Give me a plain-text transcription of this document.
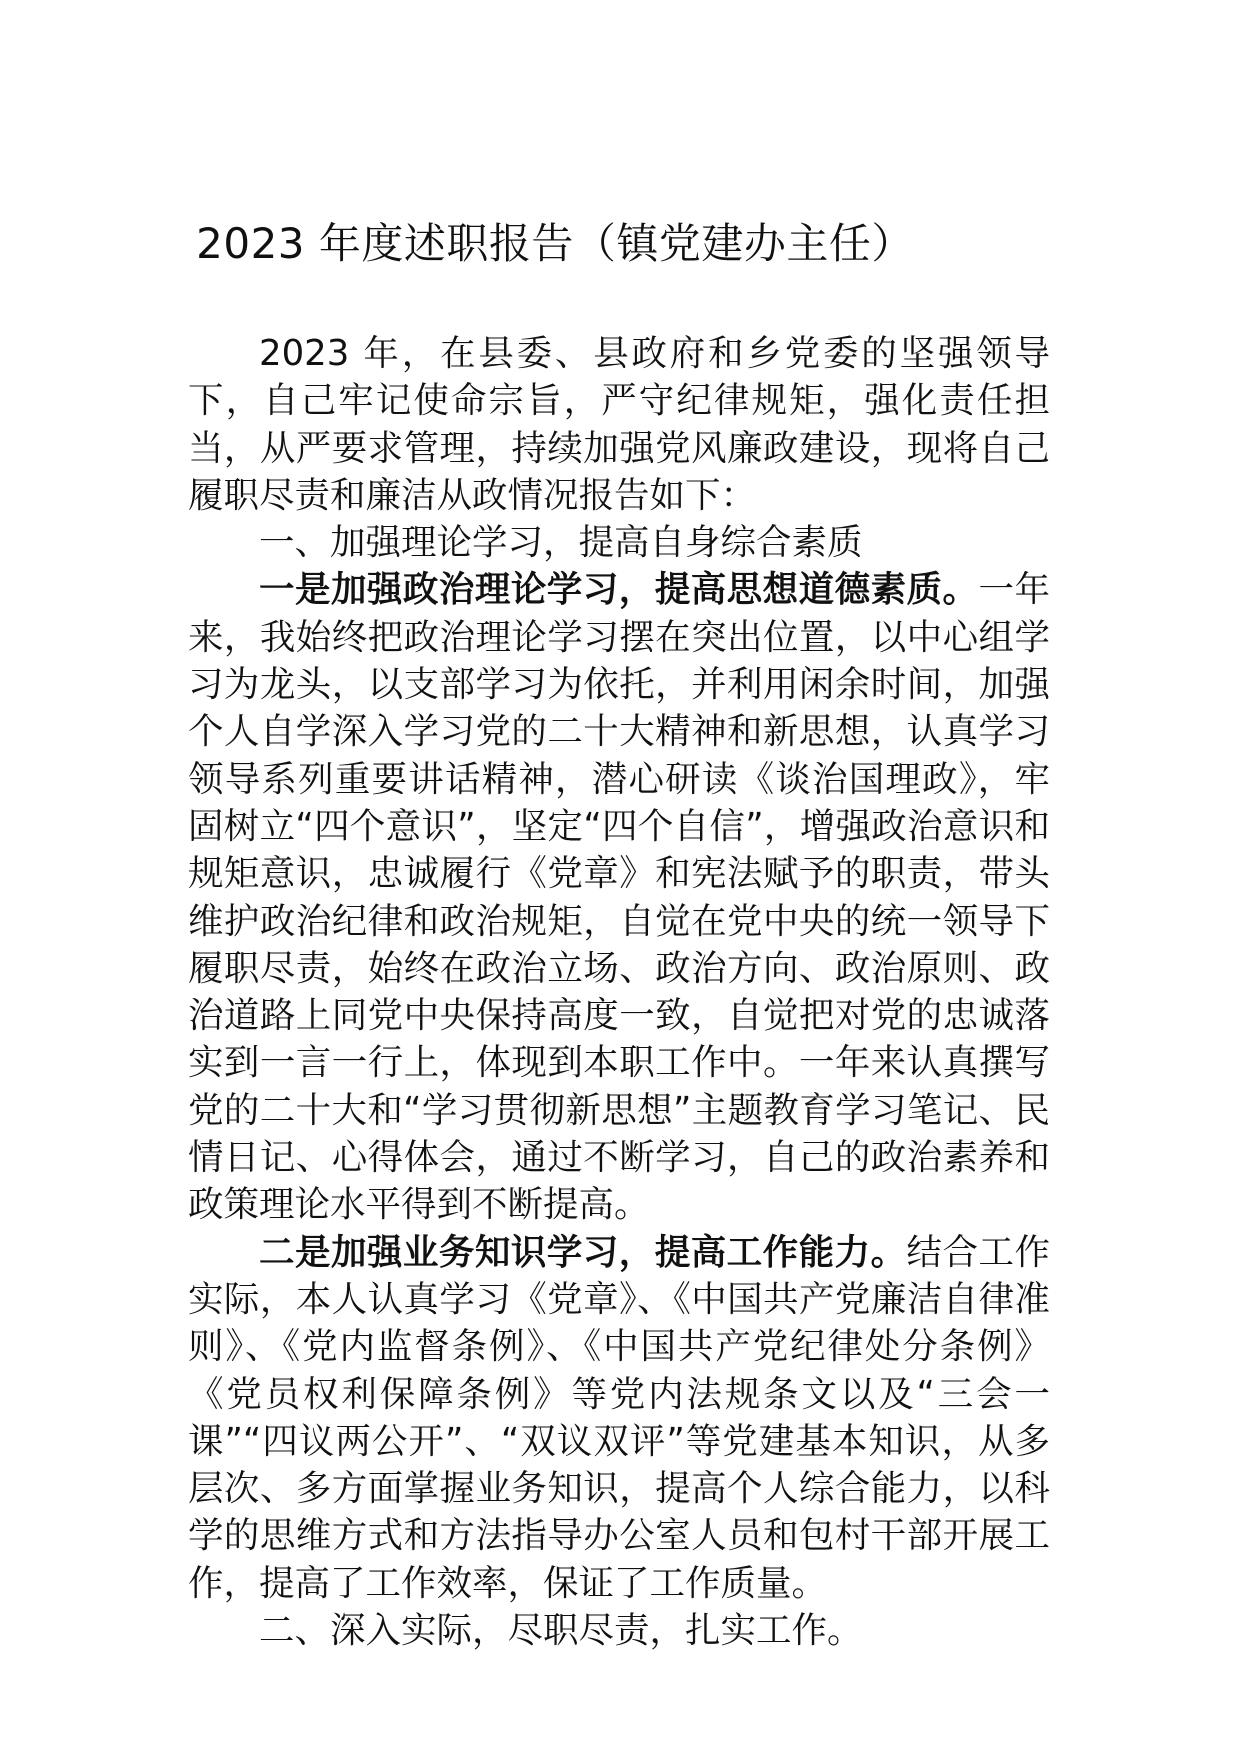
2023 年度述职报告（镇党建办主任）

2023 年，在县委、县政府和乡党委的坚强领导下，自己牢记使命宗旨，严守纪律规矩，强化责任担当，从严要求管理，持续加强党风廉政建设，现将自己履职尽责和廉洁从政情况报告如下：

一、加强理论学习，提高自身综合素质

一是加强政治理论学习，提高思想道德素质。一年来，我始终把政治理论学习摆在突出位置，以中心组学习为龙头，以支部学习为依托，并利用闲余时间，加强个人自学深入学习党的二十大精神和新思想，认真学习领导系列重要讲话精神，潜心研读《谈治国理政》，牢固树立“四个意识”，坚定“四个自信”，增强政治意识和规矩意识，忠诚履行《党章》和宪法赋予的职责，带头维护政治纪律和政治规矩，自觉在党中央的统一领导下履职尽责，始终在政治立场、政治方向、政治原则、政治道路上同党中央保持高度一致，自觉把对党的忠诚落实到一言一行上，体现到本职工作中。一年来认真撰写党的二十大和“学习贯彻新思想”主题教育学习笔记、民情日记、心得体会，通过不断学习，自己的政治素养和政策理论水平得到不断提高。

二是加强业务知识学习，提高工作能力。结合工作实际，本人认真学习《党章》、《中国共产党廉洁自律准则》、《党内监督条例》、《中国共产党纪律处分条例》《党员权利保障条例》等党内法规条文以及“三会一课”“四议两公开”、“双议双评”等党建基本知识，从多层次、多方面掌握业务知识，提高个人综合能力，以科学的思维方式和方法指导办公室人员和包村干部开展工作，提高了工作效率，保证了工作质量。

二、深入实际，尽职尽责，扎实工作。
